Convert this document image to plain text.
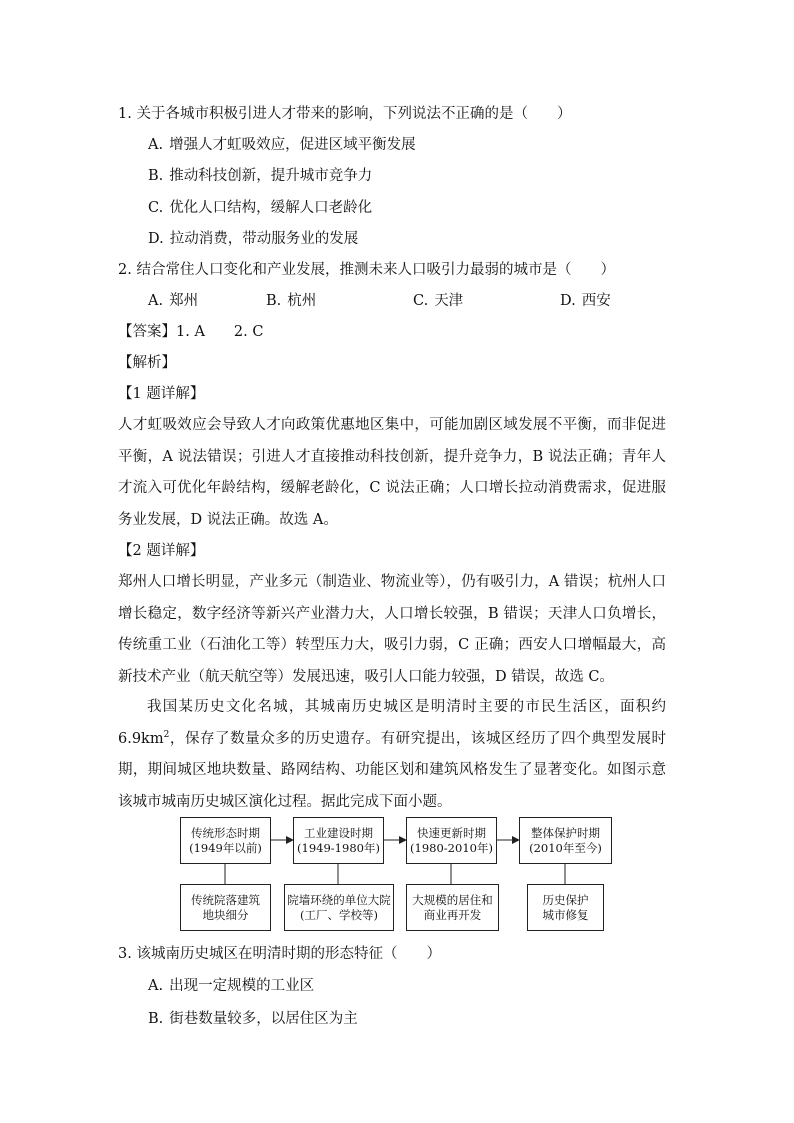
1. 关于各城市积极引进人才带来的影响，下列说法不正确的是（　　）
A. 增强人才虹吸效应，促进区域平衡发展
B. 推动科技创新，提升城市竞争力
C. 优化人口结构，缓解人口老龄化
D. 拉动消费，带动服务业的发展
2. 结合常住人口变化和产业发展，推测未来人口吸引力最弱的城市是（　　）
A. 郑州	B. 杭州	C. 天津	D. 西安
【答案】1. A　　2. C
【解析】
【1 题详解】
人才虹吸效应会导致人才向政策优惠地区集中，可能加剧区域发展不平衡，而非促进平衡，A 说法错误；引进人才直接推动科技创新，提升竞争力，B 说法正确；青年人才流入可优化年龄结构，缓解老龄化，C 说法正确；人口增长拉动消费需求，促进服务业发展，D 说法正确。故选 A。
【2 题详解】
郑州人口增长明显，产业多元（制造业、物流业等），仍有吸引力，A 错误；杭州人口增长稳定，数字经济等新兴产业潜力大，人口增长较强，B 错误；天津人口负增长，传统重工业（石油化工等）转型压力大，吸引力弱，C 正确；西安人口增幅最大，高新技术产业（航天航空等）发展迅速，吸引人口能力较强，D 错误，故选 C。
我国某历史文化名城，其城南历史城区是明清时主要的市民生活区，面积约 $6.9km^2$，保存了数量众多的历史遗存。有研究提出，该城区经历了四个典型发展时期，期间城区地块数量、路网结构、功能区划和建筑风格发生了显著变化。如图示意该城市城南历史城区演化过程。据此完成下面小题。
传统形态时期
(1949年以前)
工业建设时期
(1949-1980年)
快速更新时期
(1980-2010年)
整体保护时期
(2010年至今)
传统院落建筑
地块细分
院墙环绕的单位大院
(工厂、学校等)
大规模的居住和
商业再开发
历史保护
城市修复
3. 该城南历史城区在明清时期的形态特征（　　）
A. 出现一定规模的工业区
B. 街巷数量较多，以居住区为主
